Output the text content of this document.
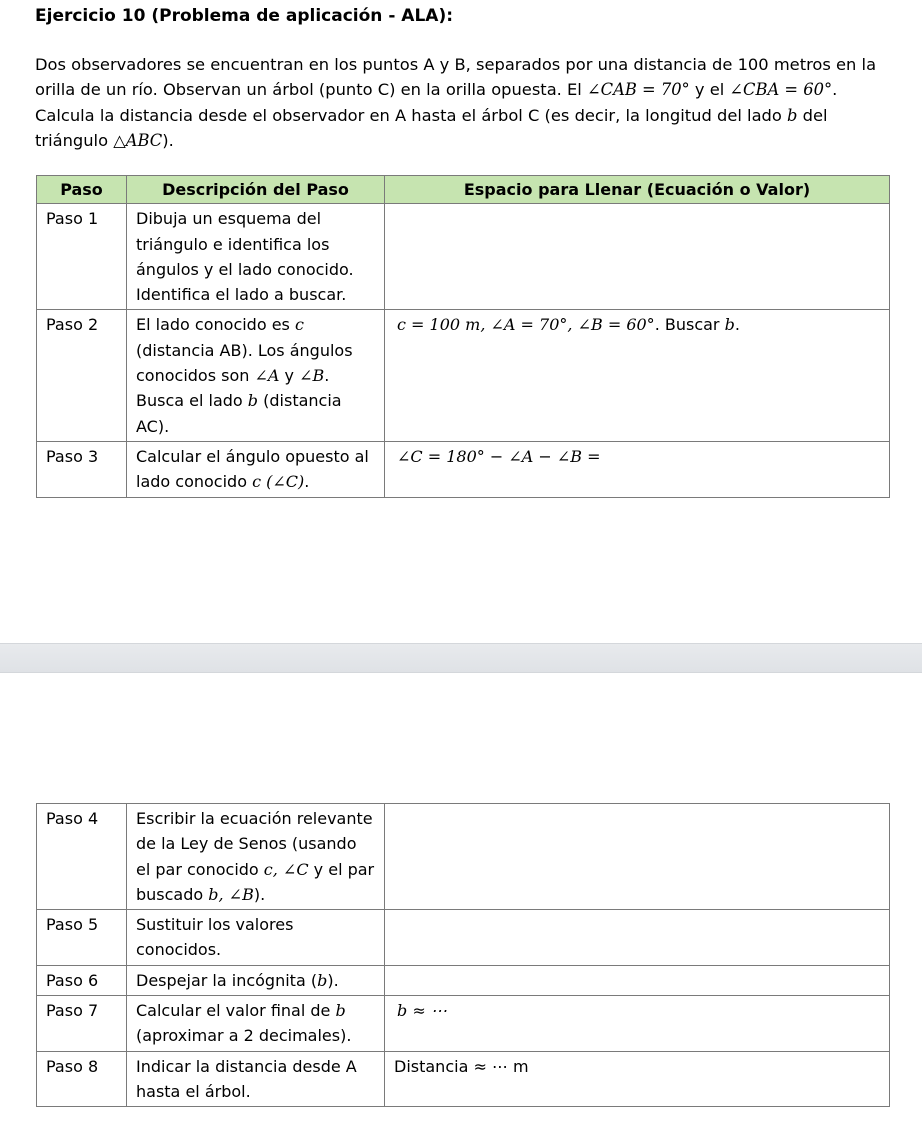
Ejercicio 10 (Problema de aplicación - ALA):
Dos observadores se encuentran en los puntos A y B, separados por una distancia de 100 metros en la orilla de un río. Observan un árbol (punto C) en la orilla opuesta. El ∠CAB = 70° y el ∠CBA = 60°. Calcula la distancia desde el observador en A hasta el árbol C (es decir, la longitud del lado b del triángulo △ABC).
Paso	Descripción del Paso	Espacio para Llenar (Ecuación o Valor)
Paso 1	Dibuja un esquema del triángulo e identifica los ángulos y el lado conocido. Identifica el lado a buscar.	
Paso 2	El lado conocido es c (distancia AB). Los ángulos conocidos son ∠A y ∠B. Busca el lado b (distancia AC).	c = 100 m, ∠A = 70°, ∠B = 60°. Buscar b.
Paso 3	Calcular el ángulo opuesto al lado conocido c (∠C).	∠C = 180° − ∠A − ∠B =
Paso 4	Escribir la ecuación relevante de la Ley de Senos (usando el par conocido c, ∠C y el par buscado b, ∠B).	
Paso 5	Sustituir los valores conocidos.	
Paso 6	Despejar la incógnita (b).	
Paso 7	Calcular el valor final de b (aproximar a 2 decimales).	b ≈ ⋯
Paso 8	Indicar la distancia desde A hasta el árbol.	Distancia ≈ ⋯ m
